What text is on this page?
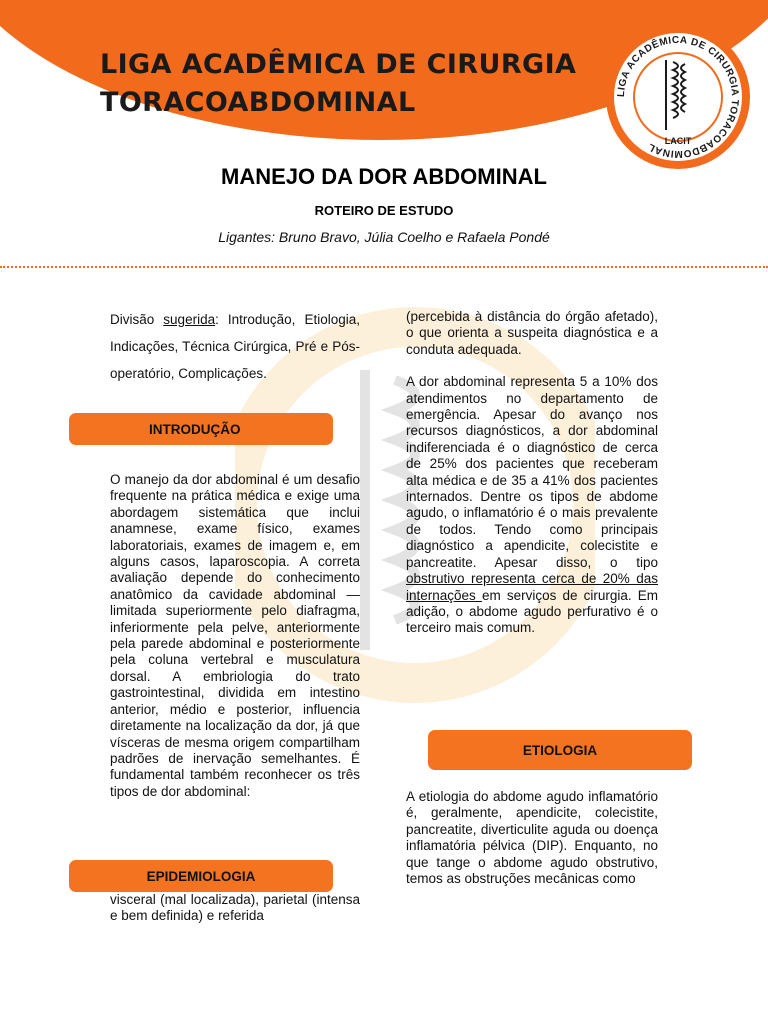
LIGA ACADÊMICA DE CIRURGIA
TORACOABDOMINAL	LIGA ACADÊMICA DE CIRURGIA TORACOABDOMINAL LACIT
MANEJO DA DOR ABDOMINAL
ROTEIRO DE ESTUDO
Ligantes: Bruno Bravo, Júlia Coelho e Rafaela Pondé
Divisão sugerida: Introdução, Etiologia, Indicações, Técnica Cirúrgica, Pré e Pós-operatório, Complicações.
INTRODUÇÃO
O manejo da dor abdominal é um desafio frequente na prática médica e exige uma abordagem sistemática que inclui anamnese, exame físico, exames laboratoriais, exames de imagem e, em alguns casos, laparoscopia. A correta avaliação depende do conhecimento anatômico da cavidade abdominal — limitada superiormente pelo diafragma, inferiormente pela pelve, anteriormente pela parede abdominal e posteriormente pela coluna vertebral e musculatura dorsal. A embriologia do trato gastrointestinal, dividida em intestino anterior, médio e posterior, influencia diretamente na localização da dor, já que vísceras de mesma origem compartilham padrões de inervação semelhantes. É fundamental também reconhecer os três tipos de dor abdominal:
EPIDEMIOLOGIA
visceral (mal localizada), parietal (intensa e bem definida) e referida

(percebida à distância do órgão afetado), o que orienta a suspeita diagnóstica e a conduta adequada.

A dor abdominal representa 5 a 10% dos atendimentos no departamento de emergência. Apesar do avanço nos recursos diagnósticos, a dor abdominal indiferenciada é o diagnóstico de cerca de 25% dos pacientes que receberam alta médica e de 35 a 41% dos pacientes internados. Dentre os tipos de abdome agudo, o inflamatório é o mais prevalente de todos. Tendo como principais diagnóstico a apendicite, colecistite e pancreatite. Apesar disso, o tipo obstrutivo representa cerca de 20% das internações em serviços de cirurgia. Em adição, o abdome agudo perfurativo é o terceiro mais comum.

ETIOLOGIA
A etiologia do abdome agudo inflamatório é, geralmente, apendicite, colecistite, pancreatite, diverticulite aguda ou doença inflamatória pélvica (DIP). Enquanto, no que tange o abdome agudo obstrutivo, temos as obstruções mecânicas como
